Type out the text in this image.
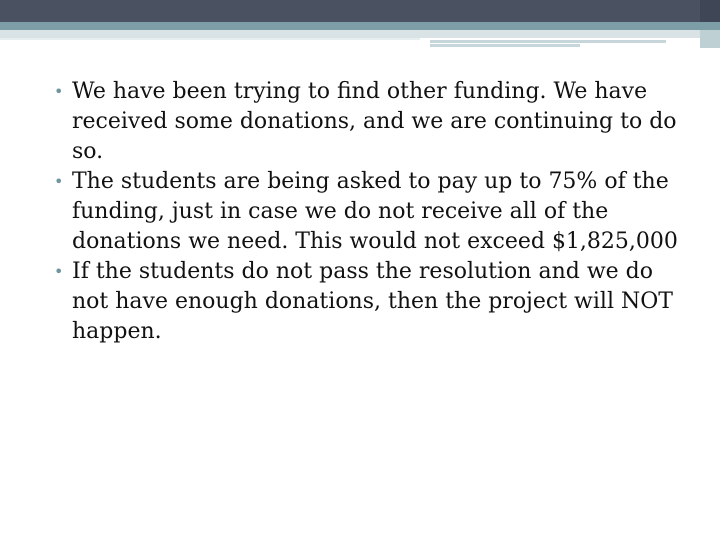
• We have been trying to find other funding. We have received some donations, and we are continuing to do so.
• The students are being asked to pay up to 75% of the funding, just in case we do not receive all of the donations we need. This would not exceed $1,825,000
• If the students do not pass the resolution and we do not have enough donations, then the project will NOT happen.
